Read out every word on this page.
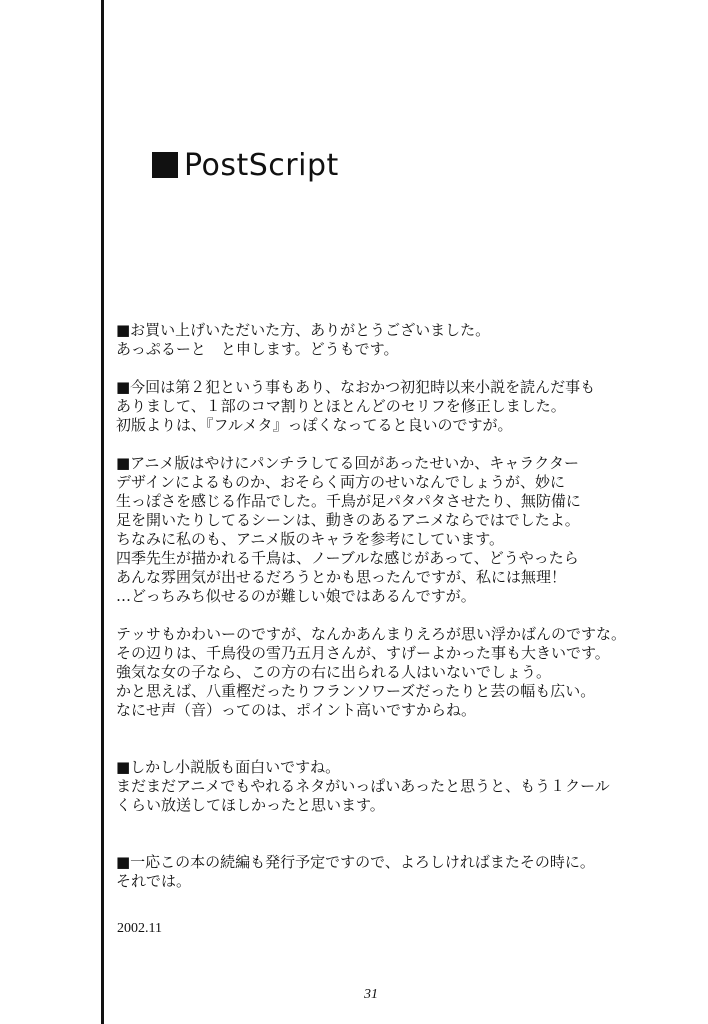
PostScript

■お買い上げいただいた方、ありがとうございました。
あっぷるーと　と申します。どうもです。

■今回は第２犯という事もあり、なおかつ初犯時以来小説を読んだ事も
ありまして、１部のコマ割りとほとんどのセリフを修正しました。
初版よりは、『フルメタ』っぽくなってると良いのですが。

■アニメ版はやけにパンチラしてる回があったせいか、キャラクター
デザインによるものか、おそらく両方のせいなんでしょうが、妙に
生っぽさを感じる作品でした。千鳥が足パタパタさせたり、無防備に
足を開いたりしてるシーンは、動きのあるアニメならではでしたよ。
ちなみに私のも、アニメ版のキャラを参考にしています。
四季先生が描かれる千鳥は、ノーブルな感じがあって、どうやったら
あんな雰囲気が出せるだろうとかも思ったんですが、私には無理！
…どっちみち似せるのが難しい娘ではあるんですが。

テッサもかわいーのですが、なんかあんまりえろが思い浮かばんのですな。
その辺りは、千鳥役の雪乃五月さんが、すげーよかった事も大きいです。
強気な女の子なら、この方の右に出られる人はいないでしょう。
かと思えば、八重樫だったりフランソワーズだったりと芸の幅も広い。
なにせ声（音）ってのは、ポイント高いですからね。

■しかし小説版も面白いですね。
まだまだアニメでもやれるネタがいっぱいあったと思うと、もう１クール
くらい放送してほしかったと思います。

■一応この本の続編も発行予定ですので、よろしければまたその時に。
それでは。

2002.11
31
